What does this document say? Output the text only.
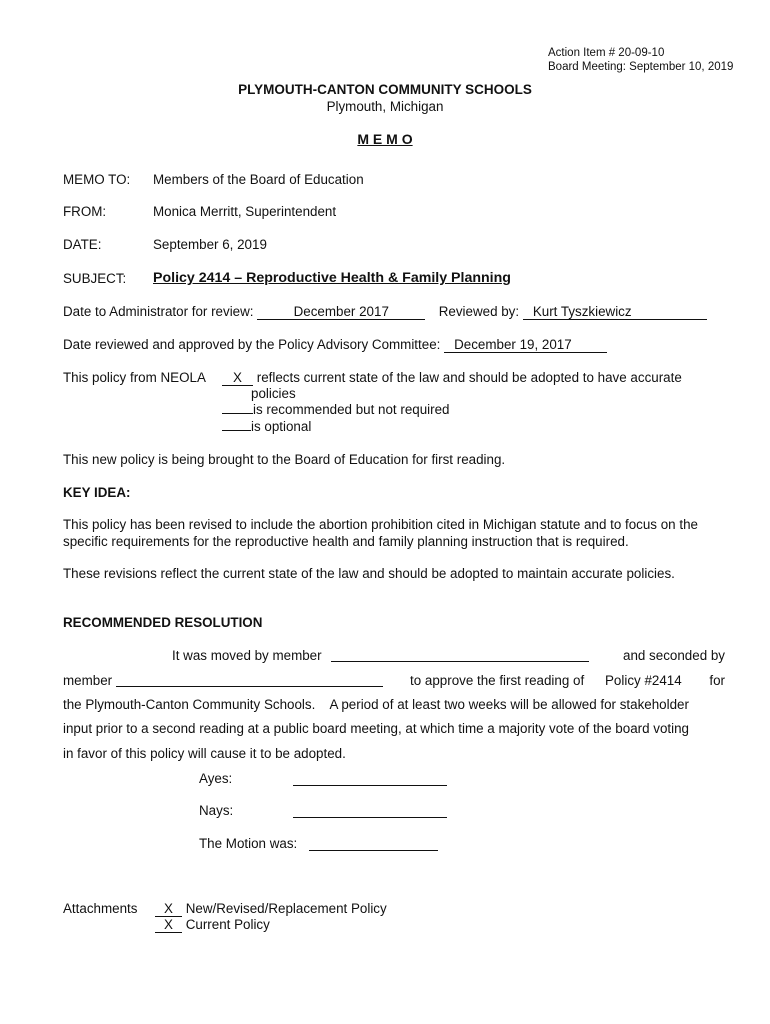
Action Item # 20-09-10
Board Meeting: September 10, 2019
PLYMOUTH-CANTON COMMUNITY SCHOOLS
Plymouth, Michigan
M E M O
MEMO TO: Members of the Board of Education
FROM:	Monica Merritt, Superintendent
DATE:	September 6, 2019
SUBJECT: Policy 2414 – Reproductive Health & Family Planning
Date to Administrator for review:	December 2017	Reviewed by: Kurt Tyszkiewicz
Date reviewed and approved by the Policy Advisory Committee: December 19, 2017
This policy from NEOLA	X reflects current state of the law and should be adopted to have accurate
policies
is recommended but not required
is optional
This new policy is being brought to the Board of Education for first reading.
KEY IDEA:
This policy has been revised to include the abortion prohibition cited in Michigan statute and to focus on the specific requirements for the reproductive health and family planning instruction that is required.
These revisions reflect the current state of the law and should be adopted to maintain accurate policies.
RECOMMENDED RESOLUTION
It was moved by member	and seconded by
member	to approve the first reading of Policy #2414 for
the Plymouth-Canton Community Schools.    A period of at least two weeks will be allowed for stakeholder
input prior to a second reading at a public board meeting, at which time a majority vote of the board voting
in favor of this policy will cause it to be adopted.
Ayes:
Nays:
The Motion was:
Attachments	X New/Revised/Replacement Policy
X Current Policy
